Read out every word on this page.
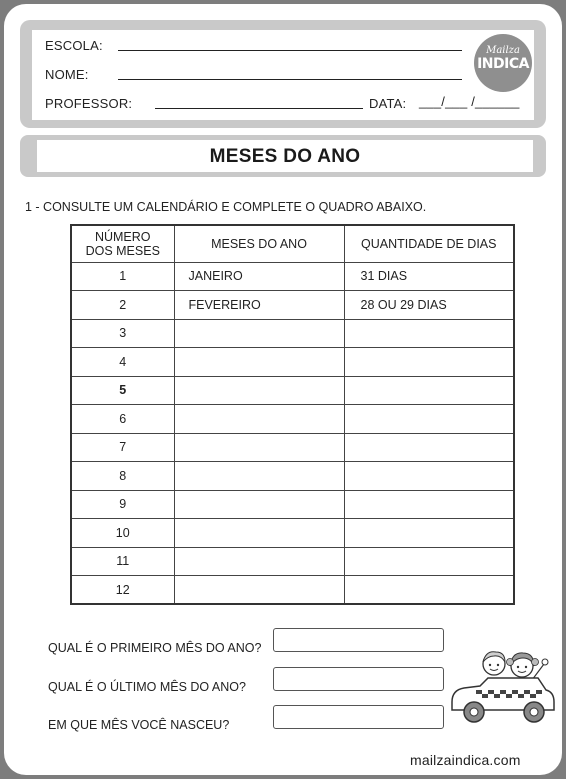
ESCOLA:
NOME:
PROFESSOR:	DATA: ___/___ /______
Mailza
INDICA
MESES DO ANO
1 - CONSULTE UM CALENDÁRIO E COMPLETE O QUADRO ABAIXO.
NÚMERO DOS MESES	MESES DO ANO	QUANTIDADE DE DIAS
1	JANEIRO	31 DIAS
2	FEVEREIRO	28 OU 29 DIAS
3		
4		
5		
6		
7		
8		
9		
10		
11		
12		
QUAL É O PRIMEIRO MÊS DO ANO?
QUAL É O ÚLTIMO MÊS DO ANO?
EM QUE MÊS VOCÊ NASCEU?
mailzaindica.com
